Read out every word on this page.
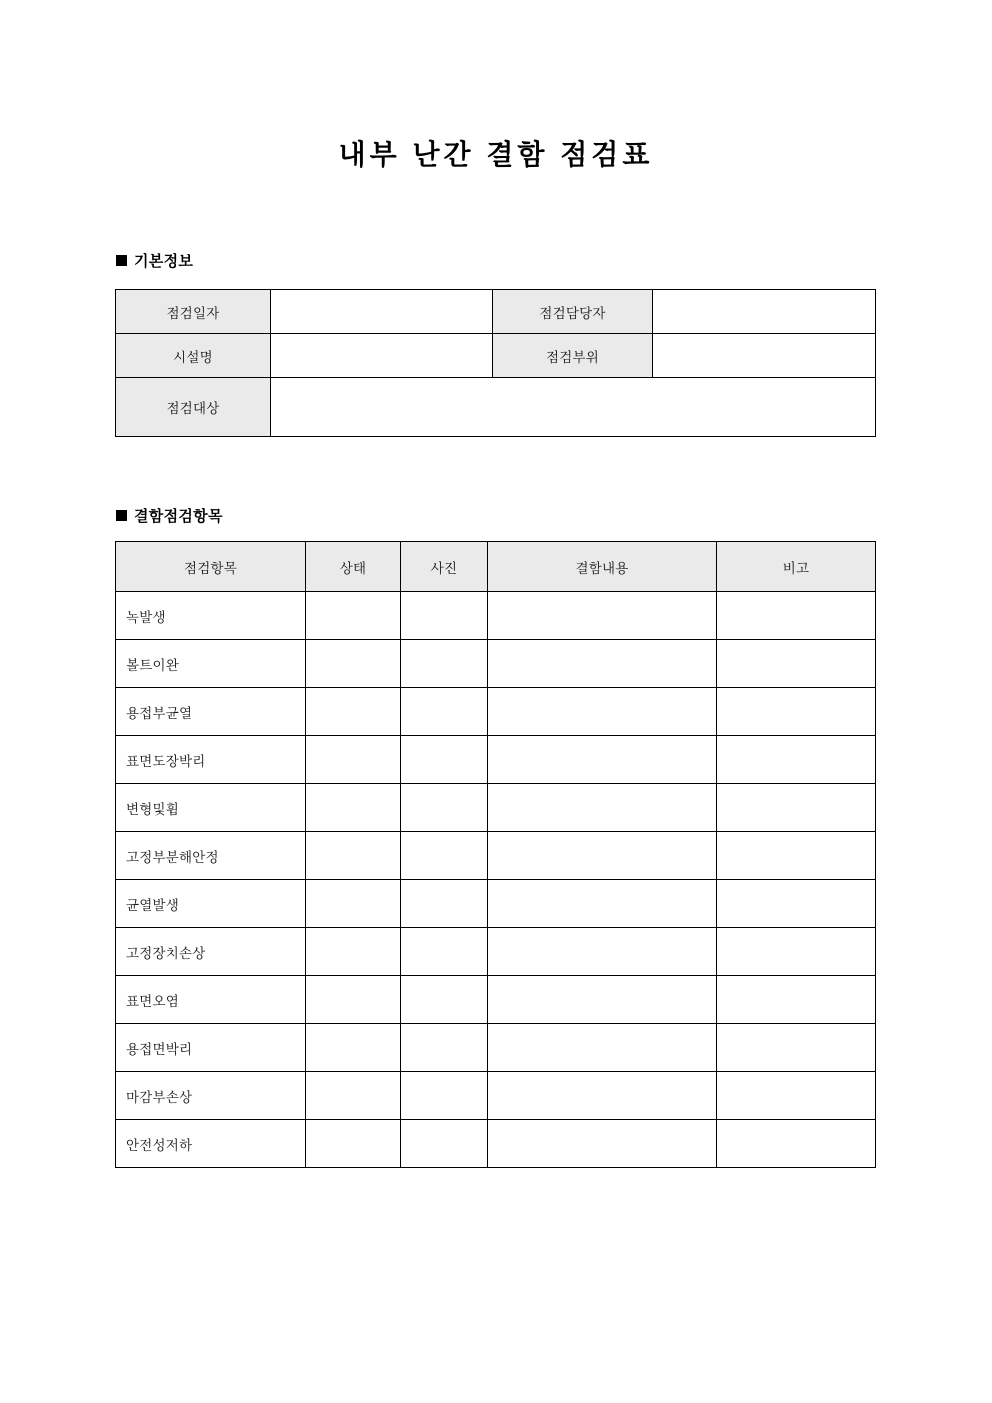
내부 난간 결함 점검표
기본정보
점검일자		점검담당자	
시설명		점검부위	
점검대상			
결함점검항목
점검항목	상태	사진	결함내용	비고
녹발생				
볼트이완				
용접부균열				
표면도장박리				
변형및휨				
고정부분해안정				
균열발생				
고정장치손상				
표면오염				
용접면박리				
마감부손상				
안전성저하				
